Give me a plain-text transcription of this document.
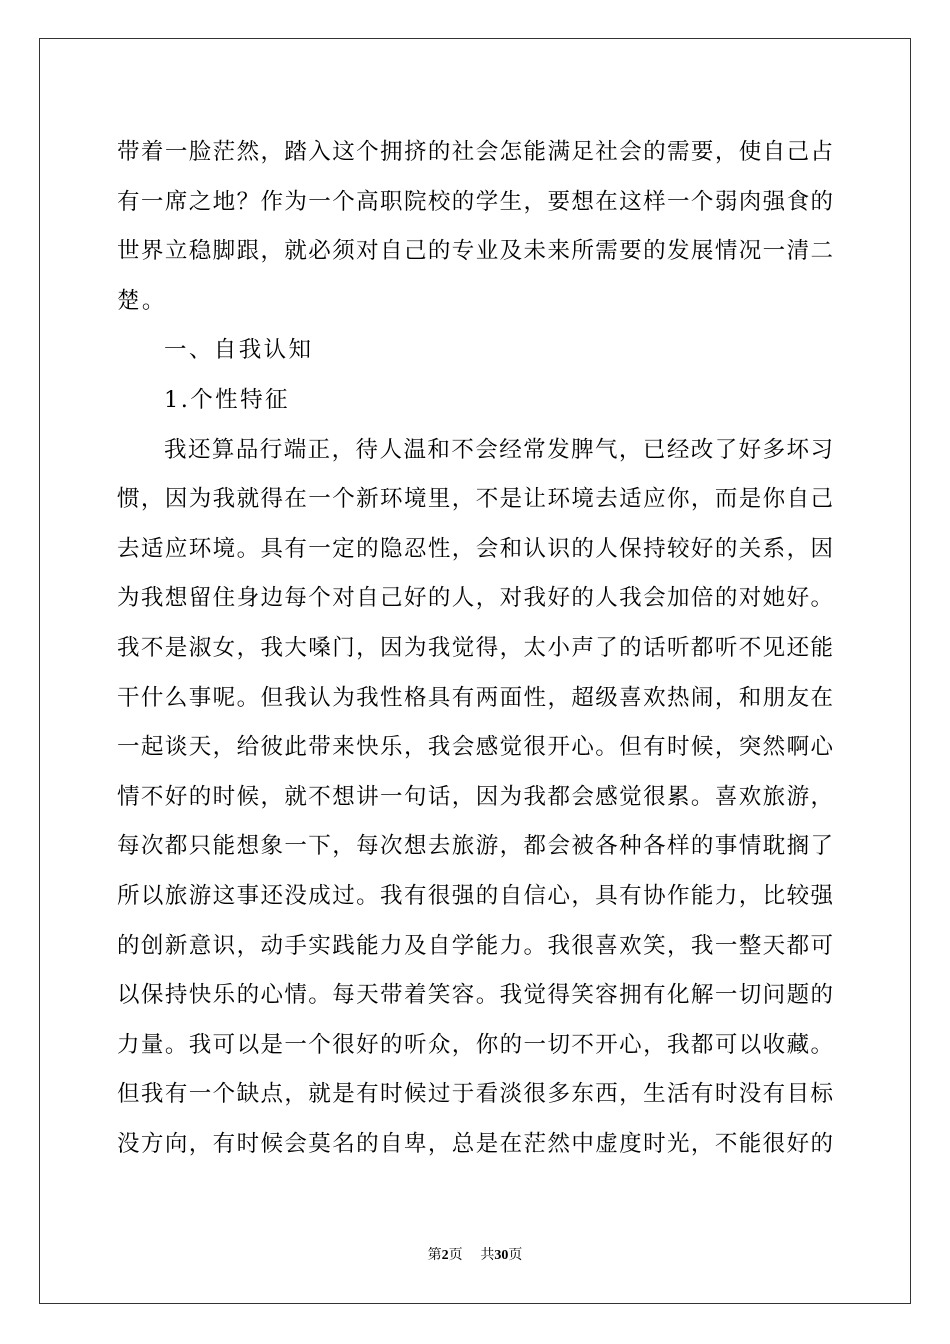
带着一脸茫然，踏入这个拥挤的社会怎能满足社会的需要，使自己占
有一席之地？作为一个高职院校的学生，要想在这样一个弱肉强食的
世界立稳脚跟，就必须对自己的专业及未来所需要的发展情况一清二
楚。
一、自我认知
1.个性特征
我还算品行端正，待人温和不会经常发脾气，已经改了好多坏习
惯，因为我就得在一个新环境里，不是让环境去适应你，而是你自己
去适应环境。具有一定的隐忍性，会和认识的人保持较好的关系，因
为我想留住身边每个对自己好的人，对我好的人我会加倍的对她好。
我不是淑女，我大嗓门，因为我觉得，太小声了的话听都听不见还能
干什么事呢。但我认为我性格具有两面性，超级喜欢热闹，和朋友在
一起谈天，给彼此带来快乐，我会感觉很开心。但有时候，突然啊心
情不好的时候，就不想讲一句话，因为我都会感觉很累。喜欢旅游，
每次都只能想象一下，每次想去旅游，都会被各种各样的事情耽搁了
所以旅游这事还没成过。我有很强的自信心，具有协作能力，比较强
的创新意识，动手实践能力及自学能力。我很喜欢笑，我一整天都可
以保持快乐的心情。每天带着笑容。我觉得笑容拥有化解一切问题的
力量。我可以是一个很好的听众，你的一切不开心，我都可以收藏。
但我有一个缺点，就是有时候过于看淡很多东西，生活有时没有目标
没方向，有时候会莫名的自卑，总是在茫然中虚度时光，不能很好的
第2页 共30页
